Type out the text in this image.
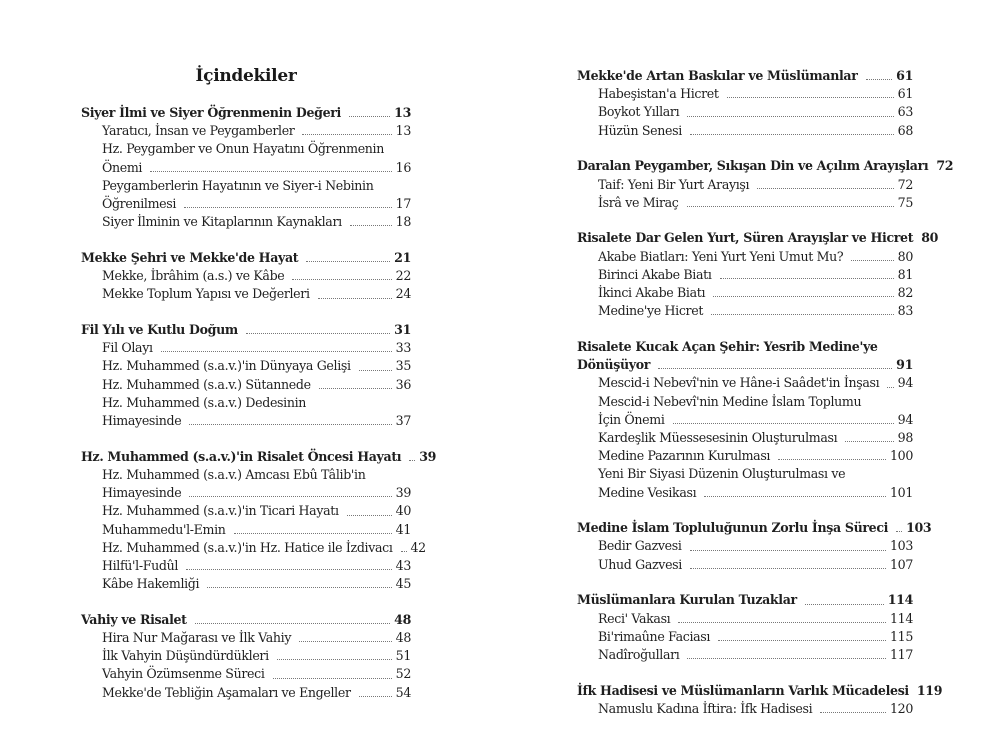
İçindekiler
Siyer İlmi ve Siyer Öğrenmenin Değeri	13
Yaratıcı, İnsan ve Peygamberler	13
Hz. Peygamber ve Onun Hayatını Öğrenmenin
Önemi	16
Peygamberlerin Hayatının ve Siyer-i Nebinin
Öğrenilmesi	17
Siyer İlminin ve Kitaplarının Kaynakları	18
Mekke Şehri ve Mekke'de Hayat	21
Mekke, İbrâhim (a.s.) ve Kâbe	22
Mekke Toplum Yapısı ve Değerleri	24
Fil Yılı ve Kutlu Doğum	31
Fil Olayı	33
Hz. Muhammed (s.a.v.)'in Dünyaya Gelişi	35
Hz. Muhammed (s.a.v.) Sütannede	36
Hz. Muhammed (s.a.v.) Dedesinin
Himayesinde	37
Hz. Muhammed (s.a.v.)'in Risalet Öncesi Hayatı 39
Hz. Muhammed (s.a.v.) Amcası Ebû Tâlib'in
Himayesinde	39
Hz. Muhammed (s.a.v.)'in Ticari Hayatı	40
Muhammedu'l-Emin	41
Hz. Muhammed (s.a.v.)'in Hz. Hatice ile İzdivacı 42
Hilfü'l-Fudûl	43
Kâbe Hakemliği	45
Vahiy ve Risalet	48
Hira Nur Mağarası ve İlk Vahiy	48
İlk Vahyin Düşündürdükleri	51
Vahyin Özümsenme Süreci	52
Mekke'de Tebliğin Aşamaları ve Engeller	54
Mekke'de Artan Baskılar ve Müslümanlar	61
Habeşistan'a Hicret	61
Boykot Yılları	63
Hüzün Senesi	68
Daralan Peygamber, Sıkışan Din ve Açılım Arayışları 72
Taif: Yeni Bir Yurt Arayışı	72
İsrâ ve Miraç	75
Risalete Dar Gelen Yurt, Süren Arayışlar ve Hicret 80
Akabe Biatları: Yeni Yurt Yeni Umut Mu?	80
Birinci Akabe Biatı	81
İkinci Akabe Biatı	82
Medine'ye Hicret	83
Risalete Kucak Açan Şehir: Yesrib Medine'ye
Dönüşüyor	91
Mescid-i Nebevî'nin ve Hâne-i Saâdet'in İnşası 94
Mescid-i Nebevî'nin Medine İslam Toplumu
İçin Önemi	94
Kardeşlik Müessesesinin Oluşturulması	98
Medine Pazarının Kurulması	100
Yeni Bir Siyasi Düzenin Oluşturulması ve
Medine Vesikası	101
Medine İslam Topluluğunun Zorlu İnşa Süreci 103
Bedir Gazvesi	103
Uhud Gazvesi	107
Müslümanlara Kurulan Tuzaklar	114
Reci' Vakası	114
Bi'rimaûne Faciası	115
Nadîroğulları	117
İfk Hadisesi ve Müslümanların Varlık Mücadelesi 119
Namuslu Kadına İftira: İfk Hadisesi	120
